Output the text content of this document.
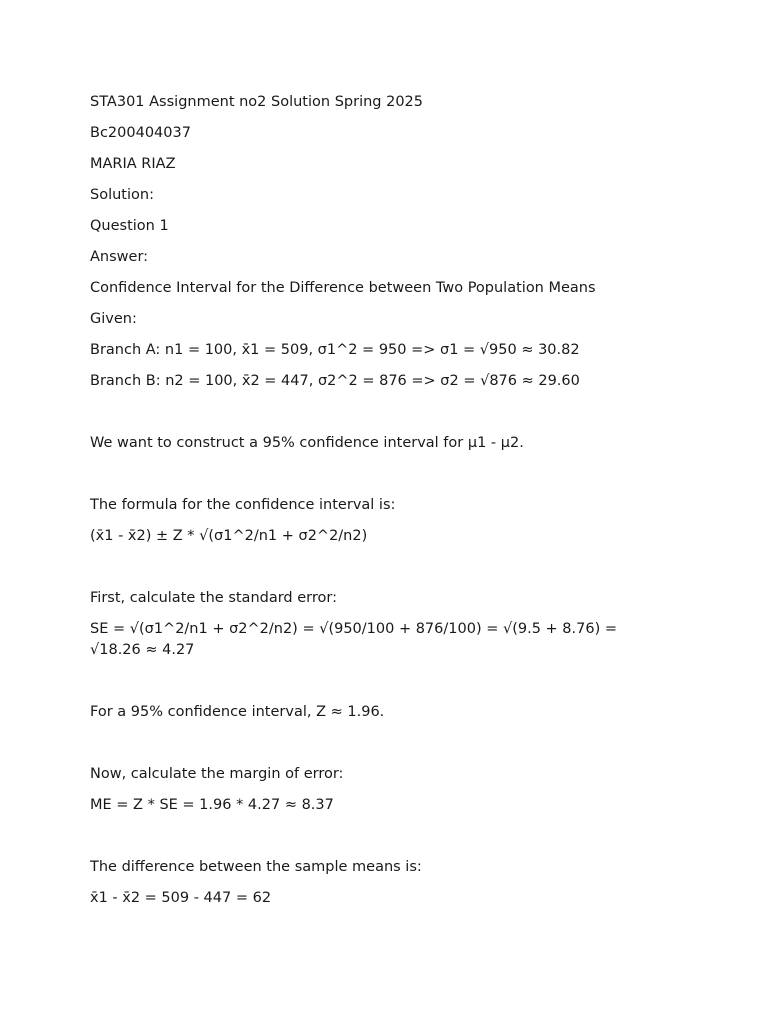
STA301 Assignment no2 Solution Spring 2025
Bc200404037
MARIA RIAZ
Solution:
Question 1
Answer:
Confidence Interval for the Difference between Two Population Means
Given:
Branch A: n1 = 100, x̄1 = 509, σ1^2 = 950 => σ1 = √950 ≈ 30.82
Branch B: n2 = 100, x̄2 = 447, σ2^2 = 876 => σ2 = √876 ≈ 29.60
We want to construct a 95% confidence interval for μ1 - μ2.
The formula for the confidence interval is:
(x̄1 - x̄2) ± Z * √(σ1^2/n1 + σ2^2/n2)
First, calculate the standard error:
SE = √(σ1^2/n1 + σ2^2/n2) = √(950/100 + 876/100) = √(9.5 + 8.76) = √18.26 ≈ 4.27
For a 95% confidence interval, Z ≈ 1.96.
Now, calculate the margin of error:
ME = Z * SE = 1.96 * 4.27 ≈ 8.37
The difference between the sample means is:
x̄1 - x̄2 = 509 - 447 = 62
